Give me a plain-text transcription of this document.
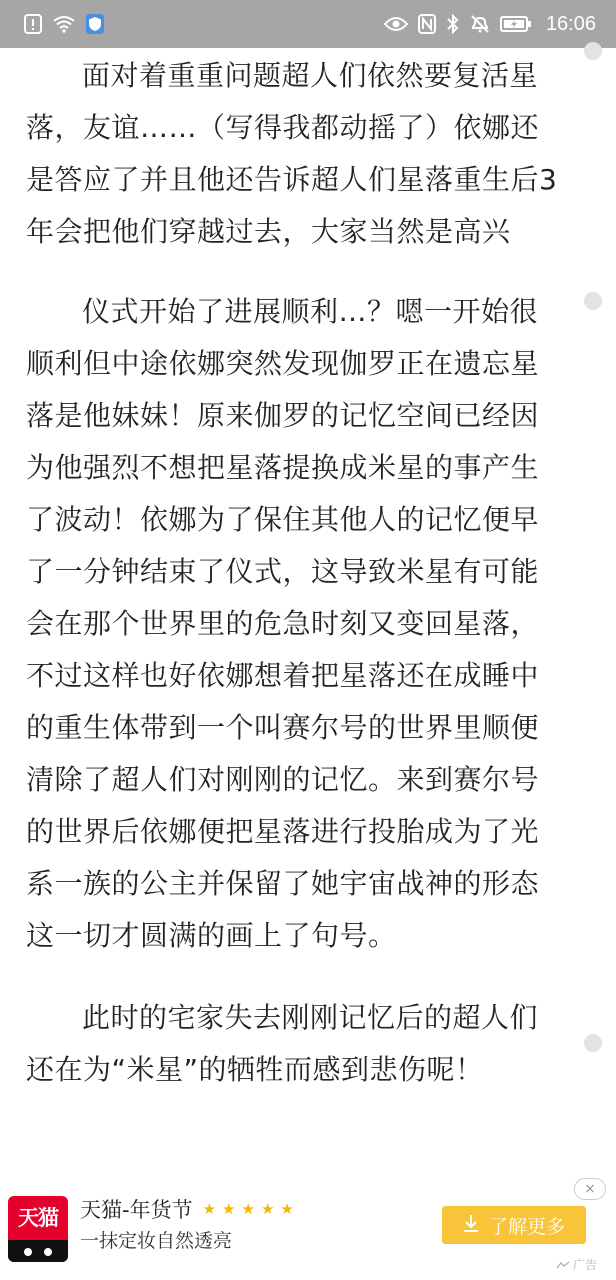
16:06

面对着重重问题超人们依然要复活星落，友谊……（写得我都动摇了）依娜还是答应了并且他还告诉超人们星落重生后3年会把他们穿越过去，大家当然是高兴

仪式开始了进展顺利…？嗯一开始很顺利但中途依娜突然发现伽罗正在遗忘星落是他妹妹！原来伽罗的记忆空间已经因为他强烈不想把星落提换成米星的事产生了波动！依娜为了保住其他人的记忆便早了一分钟结束了仪式，这导致米星有可能会在那个世界里的危急时刻又变回星落，不过这样也好依娜想着把星落还在成睡中的重生体带到一个叫赛尔号的世界里顺便清除了超人们对刚刚的记忆。来到赛尔号的世界后依娜便把星落进行投胎成为了光系一族的公主并保留了她宇宙战神的形态这一切才圆满的画上了句号。

此时的宅家失去刚刚记忆后的超人们还在为“米星”的牺牲而感到悲伤呢！

天猫	天猫-年货节 ★ ★ ★ ★ ★
一抹定妆自然透亮
了解更多
×
广告
